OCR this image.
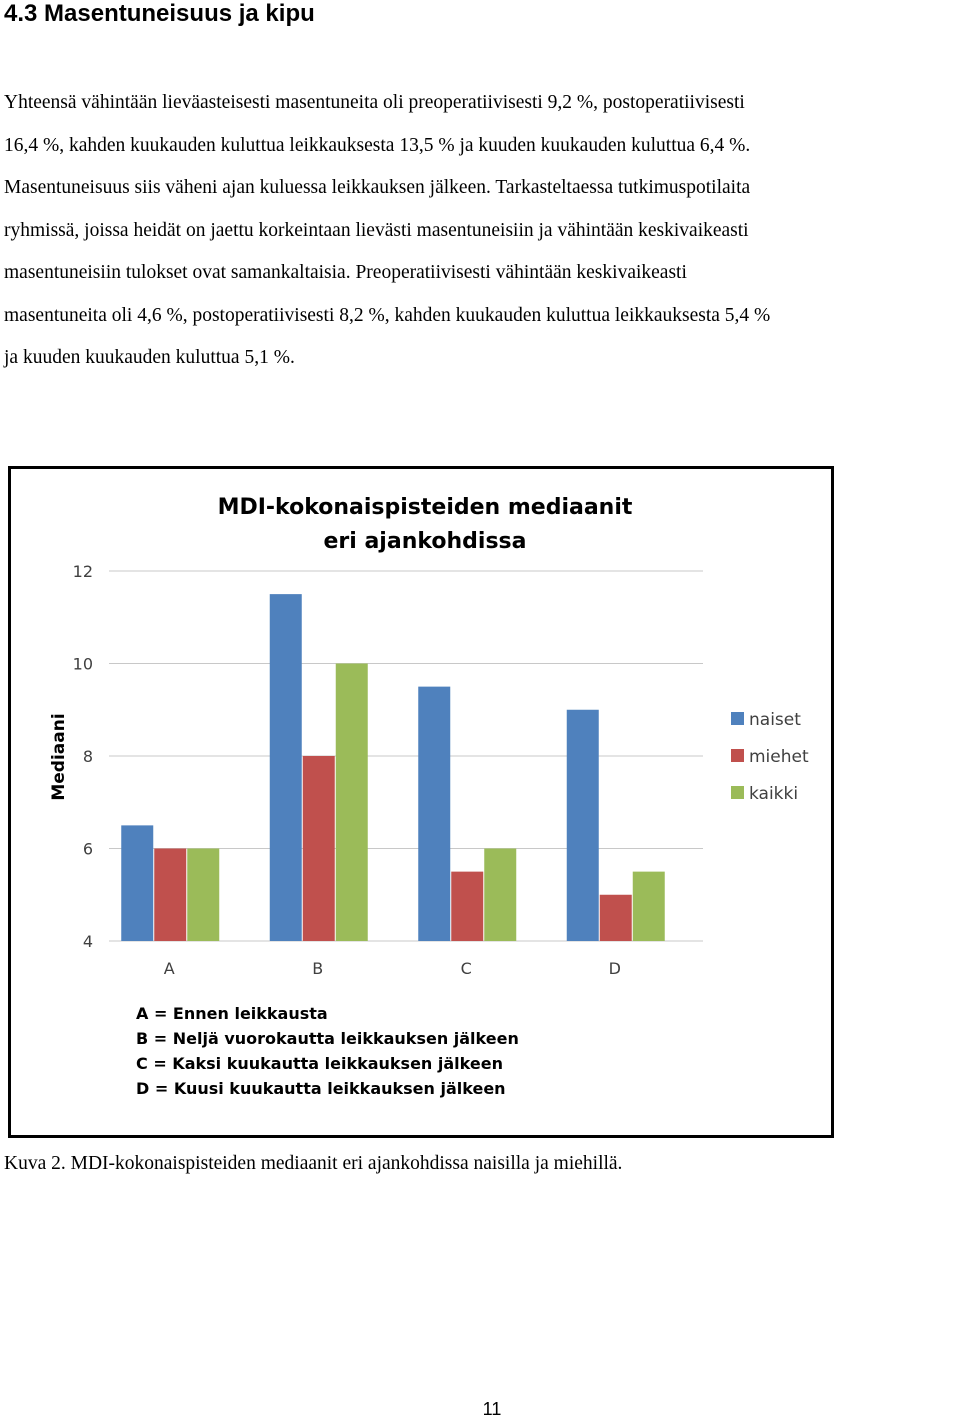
4.3 Masentuneisuus ja kipu
Yhteensä vähintään lieväasteisesti masentuneita oli preoperatiivisesti 9,2 %, postoperatiivisesti
16,4 %, kahden kuukauden kuluttua leikkauksesta 13,5 % ja kuuden kuukauden kuluttua 6,4 %.
Masentuneisuus siis väheni ajan kuluessa leikkauksen jälkeen. Tarkasteltaessa tutkimuspotilaita
ryhmissä, joissa heidät on jaettu korkeintaan lievästi masentuneisiin ja vähintään keskivaikeasti
masentuneisiin tulokset ovat samankaltaisia. Preoperatiivisesti vähintään keskivaikeasti
masentuneita oli 4,6 %, postoperatiivisesti 8,2 %, kahden kuukauden kuluttua leikkauksesta 5,4 %
ja kuuden kuukauden kuluttua 5,1 %.
MDI-kokonaispisteiden mediaanit
eri ajankohdissa
4
6
8
10
12
Mediaani
A	B	C	D
naiset
miehet
kaikki
A = Ennen leikkausta
B = Neljä vuorokautta leikkauksen jälkeen
C = Kaksi kuukautta leikkauksen jälkeen
D = Kuusi kuukautta leikkauksen jälkeen
Kuva 2. MDI-kokonaispisteiden mediaanit eri ajankohdissa naisilla ja miehillä.
11
